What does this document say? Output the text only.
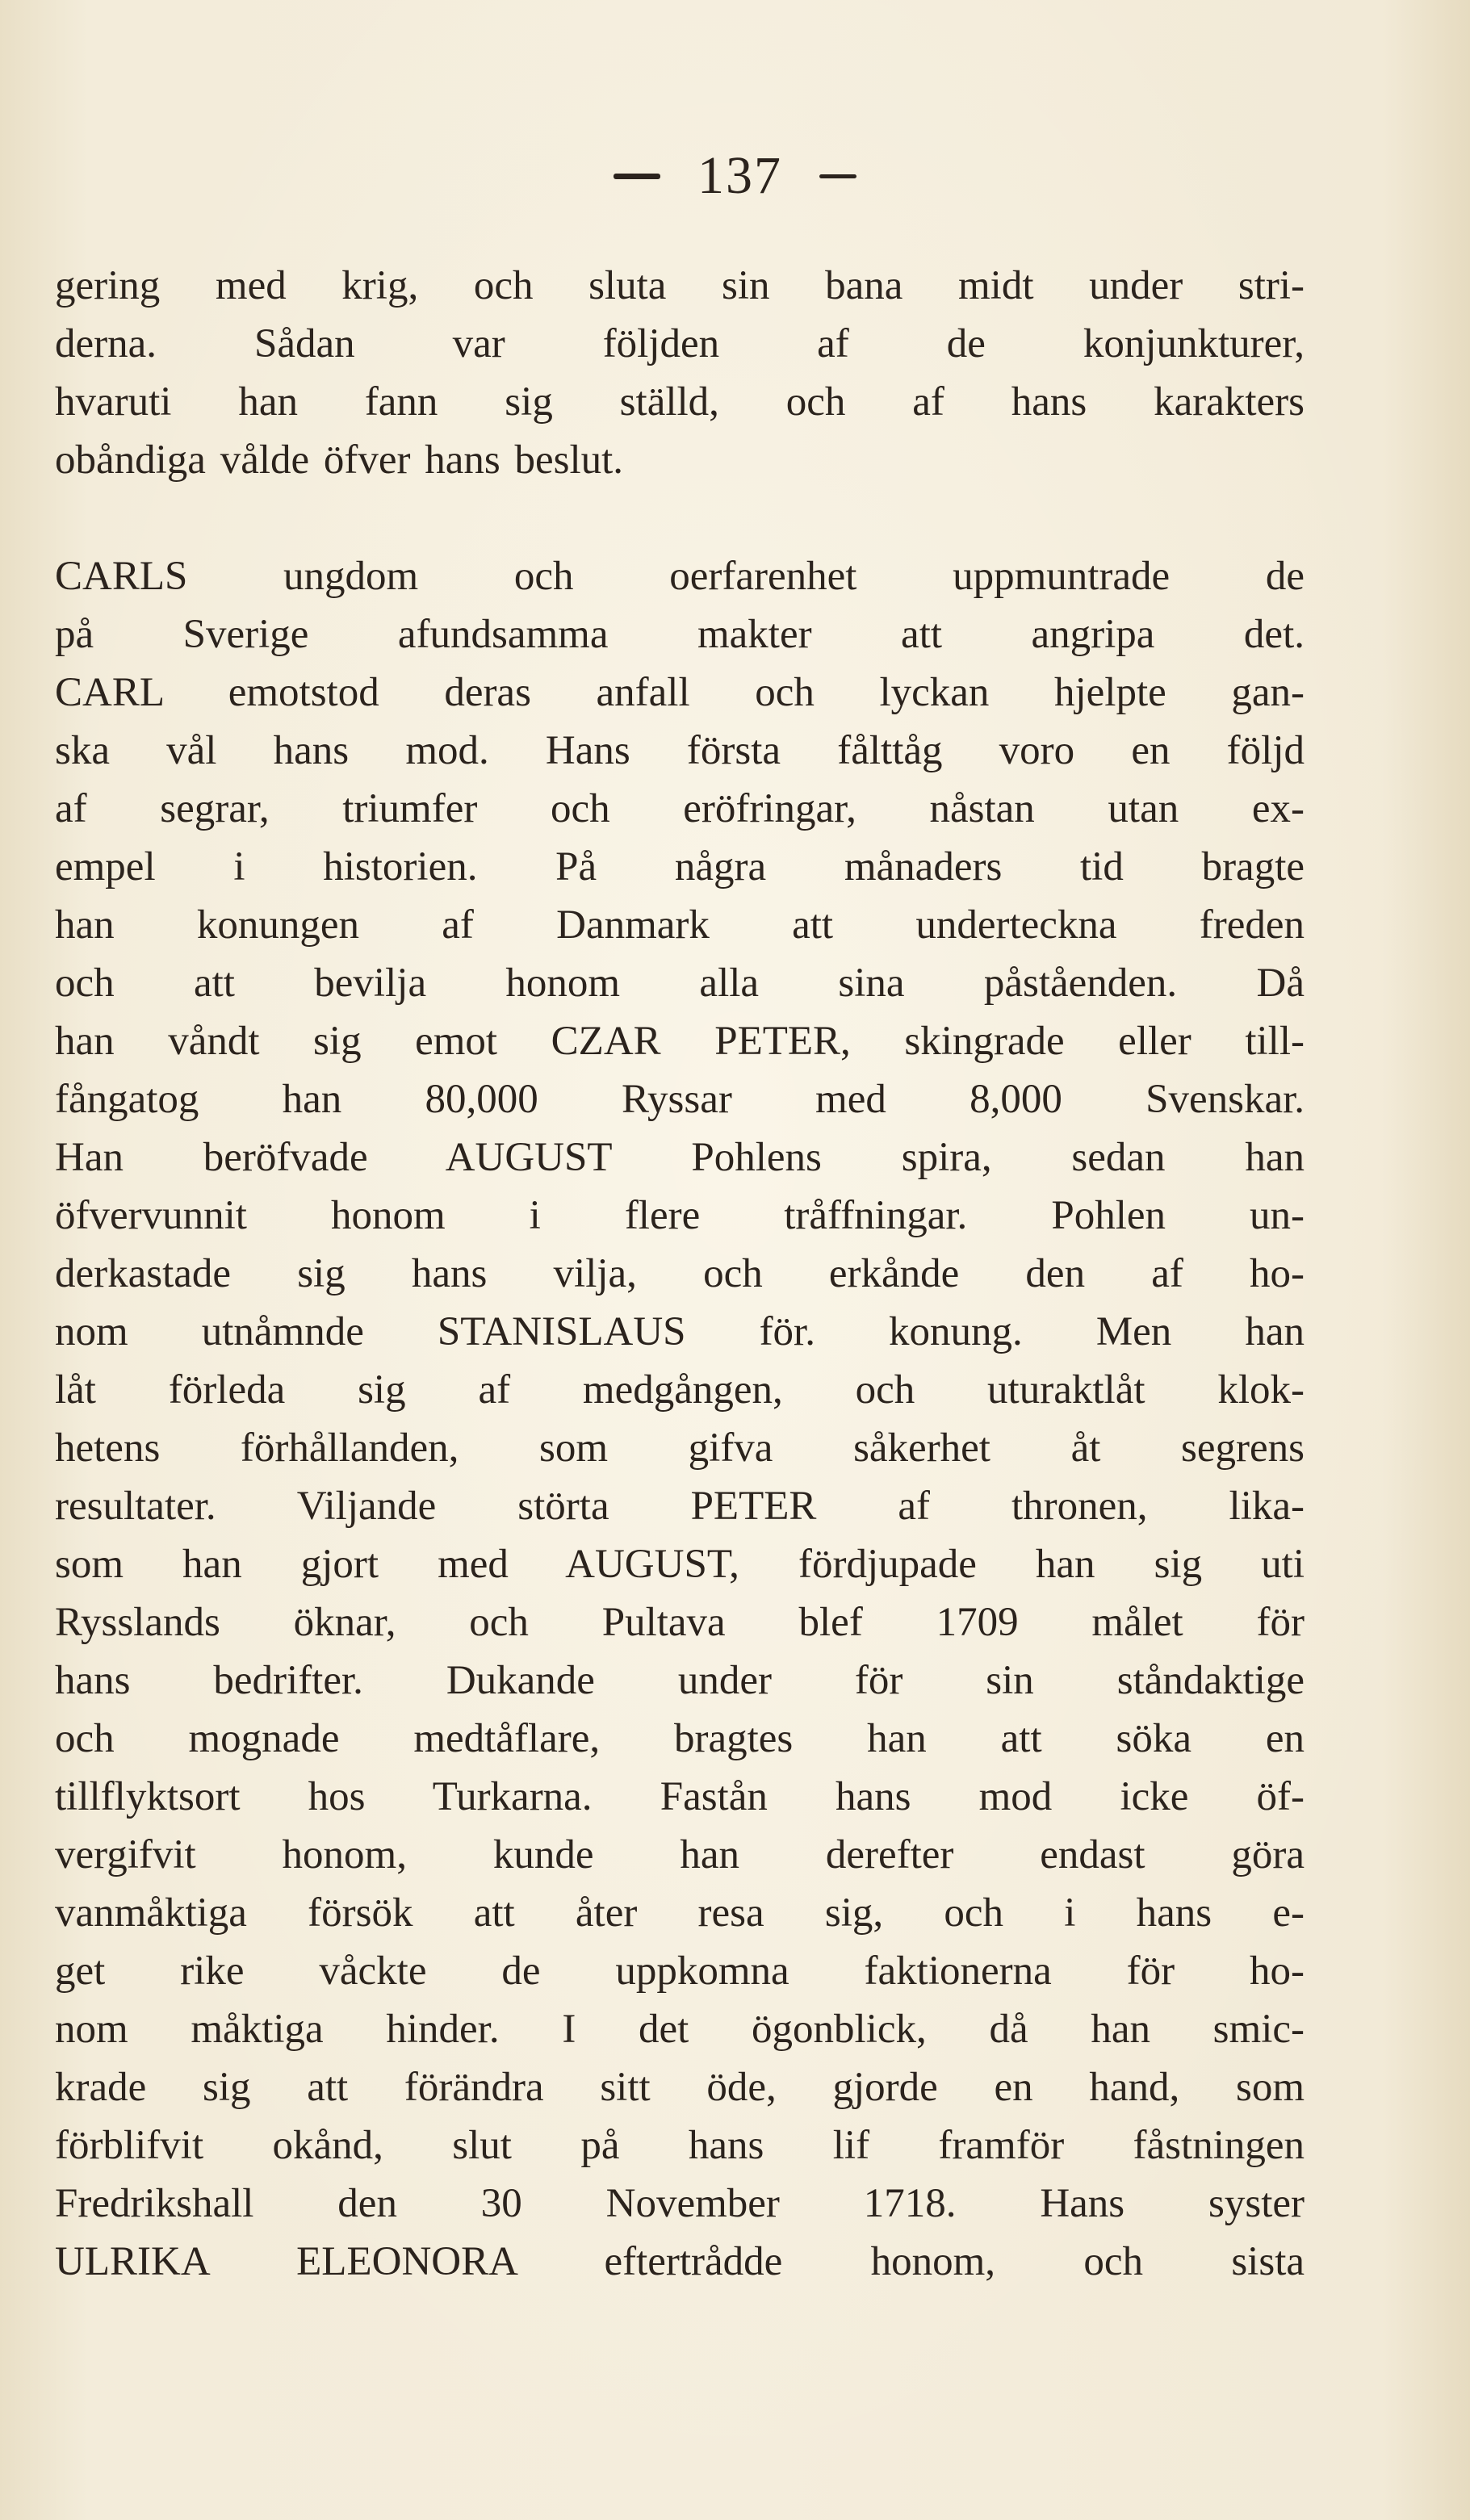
137
gering med krig, och sluta sin bana midt under stri-
derna. Sådan var följden af de konjunkturer,
hvaruti han fann sig ställd, och af hans karakters
obåndiga vålde öfver hans beslut.
CARLS ungdom och oerfarenhet uppmuntrade de
på Sverige afundsamma makter att angripa det.
CARL emotstod deras anfall och lyckan hjelpte gan-
ska vål hans mod. Hans första fålttåg voro en följd
af segrar, triumfer och eröfringar, nåstan utan ex-
empel i historien. På några månaders tid bragte
han konungen af Danmark att underteckna freden
och att bevilja honom alla sina påståenden. Då
han våndt sig emot CZAR PETER, skingrade eller till-
fångatog han 80,000 Ryssar med 8,000 Svenskar.
Han beröfvade AUGUST Pohlens spira, sedan han
öfvervunnit honom i flere tråffningar. Pohlen un-
derkastade sig hans vilja, och erkånde den af ho-
nom utnåmnde STANISLAUS för. konung. Men han
låt förleda sig af medgången, och uturaktlåt klok-
hetens förhållanden, som gifva såkerhet åt segrens
resultater. Viljande störta PETER af thronen, lika-
som han gjort med AUGUST, fördjupade han sig uti
Rysslands öknar, och Pultava blef 1709 målet för
hans bedrifter. Dukande under för sin ståndaktige
och mognade medtåflare, bragtes han att söka en
tillflyktsort hos Turkarna. Fastån hans mod icke öf-
vergifvit honom, kunde han derefter endast göra
vanmåktiga försök att åter resa sig, och i hans e-
get rike våckte de uppkomna faktionerna för ho-
nom måktiga hinder. I det ögonblick, då han smic-
krade sig att förändra sitt öde, gjorde en hand, som
förblifvit okånd, slut på hans lif framför fåstningen
Fredrikshall den 30 November 1718. Hans syster
ULRIKA ELEONORA eftertrådde honom, och sista
